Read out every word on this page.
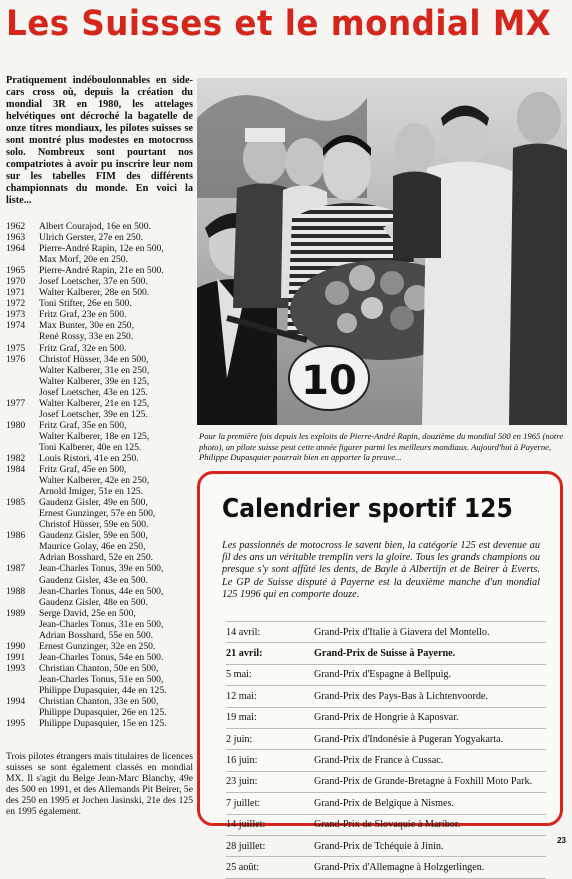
Les Suisses et le mondial MX
Pratiquement indéboulonnables en side-cars cross où, depuis la création du mondial 3R en 1980, les attelages helvétiques ont décroché la bagatelle de onze titres mondiaux, les pilotes suisses se sont montré plus modestes en motocross solo. Nombreux sont pourtant nos compatriotes à avoir pu inscrire leur nom sur les tabelles FIM des différents championnats du monde. En voici la liste...
1962	Albert Courajod, 16e en 500.
1963	Ulrich Gerster, 27e en 250.
1964	Pierre-André Rapin, 12e en 500,
Max Morf, 20e en 250.
1965	Pierre-André Rapin, 21e en 500.
1970	Josef Loetscher, 37e en 500.
1971	Walter Kalberer, 28e en 500.
1972	Toni Stifter, 26e en 500.
1973	Fritz Graf, 23e en 500.
1974	Max Bunter, 30e en 250,
René Rossy, 33e en 250.
1975	Fritz Graf, 32e en 500.
1976	Christof Hüsser, 34e en 500,
Walter Kalberer, 31e en 250,
Walter Kalberer, 39e en 125,
Josef Loetscher, 43e en 125.
1977	Walter Kalberer, 21e en 125,
Josef Loetscher, 39e en 125.
1980	Fritz Graf, 35e en 500,
Walter Kalberer, 18e en 125,
Toni Kalberer, 40e en 125.
1982	Louis Ristori, 41e en 250.
1984	Fritz Graf, 45e en 500,
Walter Kalberer, 42e en 250,
Arnold Imiger, 51e en 125.
1985	Gaudenz Gisler, 49e en 500,
Ernest Gunzinger, 57e en 500,
Christof Hüsser, 59e en 500.
1986	Gaudenz Gisler, 59e en 500,
Maurice Golay, 46e en 250,
Adrian Bosshard, 52e en 250.
1987	Jean-Charles Tonus, 39e en 500,
Gaudenz Gisler, 43e en 500.
1988	Jean-Charles Tonus, 44e en 500,
Gaudenz Gisler, 48e en 500.
1989	Serge David, 25e en 500,
Jean-Charles Tonus, 31e en 500,
Adrian Bosshard, 55e en 500.
1990	Ernest Gunzinger, 32e en 250.
1991	Jean-Charles Tonus, 54e en 500.
1993	Christian Chanton, 50e en 500,
Jean-Charles Tonus, 51e en 500,
Philippe Dupasquier, 44e en 125.
1994	Christian Chanton, 33e en 500,
Philippe Dupasquier, 26e en 125.
1995	Philippe Dupasquier, 15e en 125.
Trois pilotes étrangers mais titulaires de licences suisses se sont également classés en mondial MX. Il s'agit du Belge Jean-Marc Blanchy, 49e des 500 en 1991, et des Allemands Pit Beirer, 5e des 250 en 1995 et Jochen Jasinski, 21e des 125 en 1995 également.
10
Pour la première fois depuis les exploits de Pierre-André Rapin, douzième du mondial 500 en 1965 (notre photo), un pilote suisse peut cette année figurer parmi les meilleurs mondiaux. Aujourd'hui à Payerne, Philippe Dupasquier pourrait bien en apporter la preuve...
Calendrier sportif 125
Les passionnés de motocross le savent bien, la catégorie 125 est devenue au fil des ans un véritable tremplin vers la gloire. Tous les grands champions ou presque s'y sont affûté les dents, de Bayle à Albertijn et de Beirer à Everts. Le GP de Suisse disputé à Payerne est la deuxième manche d'un mondial 125 1996 qui en comporte douze.
14 avril:	Grand-Prix d'Italie à Giavera del Montello.
21 avril:	Grand-Prix de Suisse à Payerne.
5 mai:	Grand-Prix d'Espagne à Bellpuig.
12 mai:	Grand-Prix des Pays-Bas à Lichtenvoorde.
19 mai:	Grand-Prix de Hongrie à Kaposvar.
2 juin:	Grand-Prix d'Indonésie à Pugeran Yogyakarta.
16 juin:	Grand-Prix de France à Cussac.
23 juin:	Grand-Prix de Grande-Bretagne à Foxhill Moto Park.
7 juillet:	Grand-Prix de Belgique à Nismes.
14 juillet:	Grand-Prix de Slovaquie à Maribor.
28 juillet:	Grand-Prix de Tchéquie à Jinin.
25 août:	Grand-Prix d'Allemagne à Holzgerlingen.
23
